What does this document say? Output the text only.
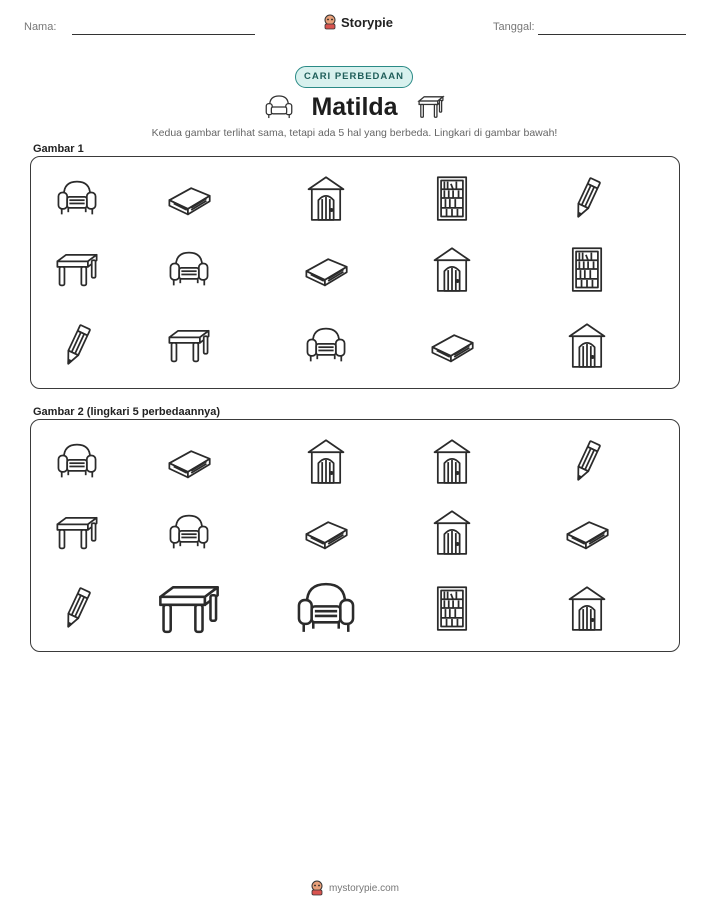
Nama:	Storypie	Tanggal:
CARI PERBEDAAN
Matilda
Kedua gambar terlihat sama, tetapi ada 5 hal yang berbeda. Lingkari di gambar bawah!
Gambar 1
Gambar 2 (lingkari 5 perbedaannya)
mystorypie.com
